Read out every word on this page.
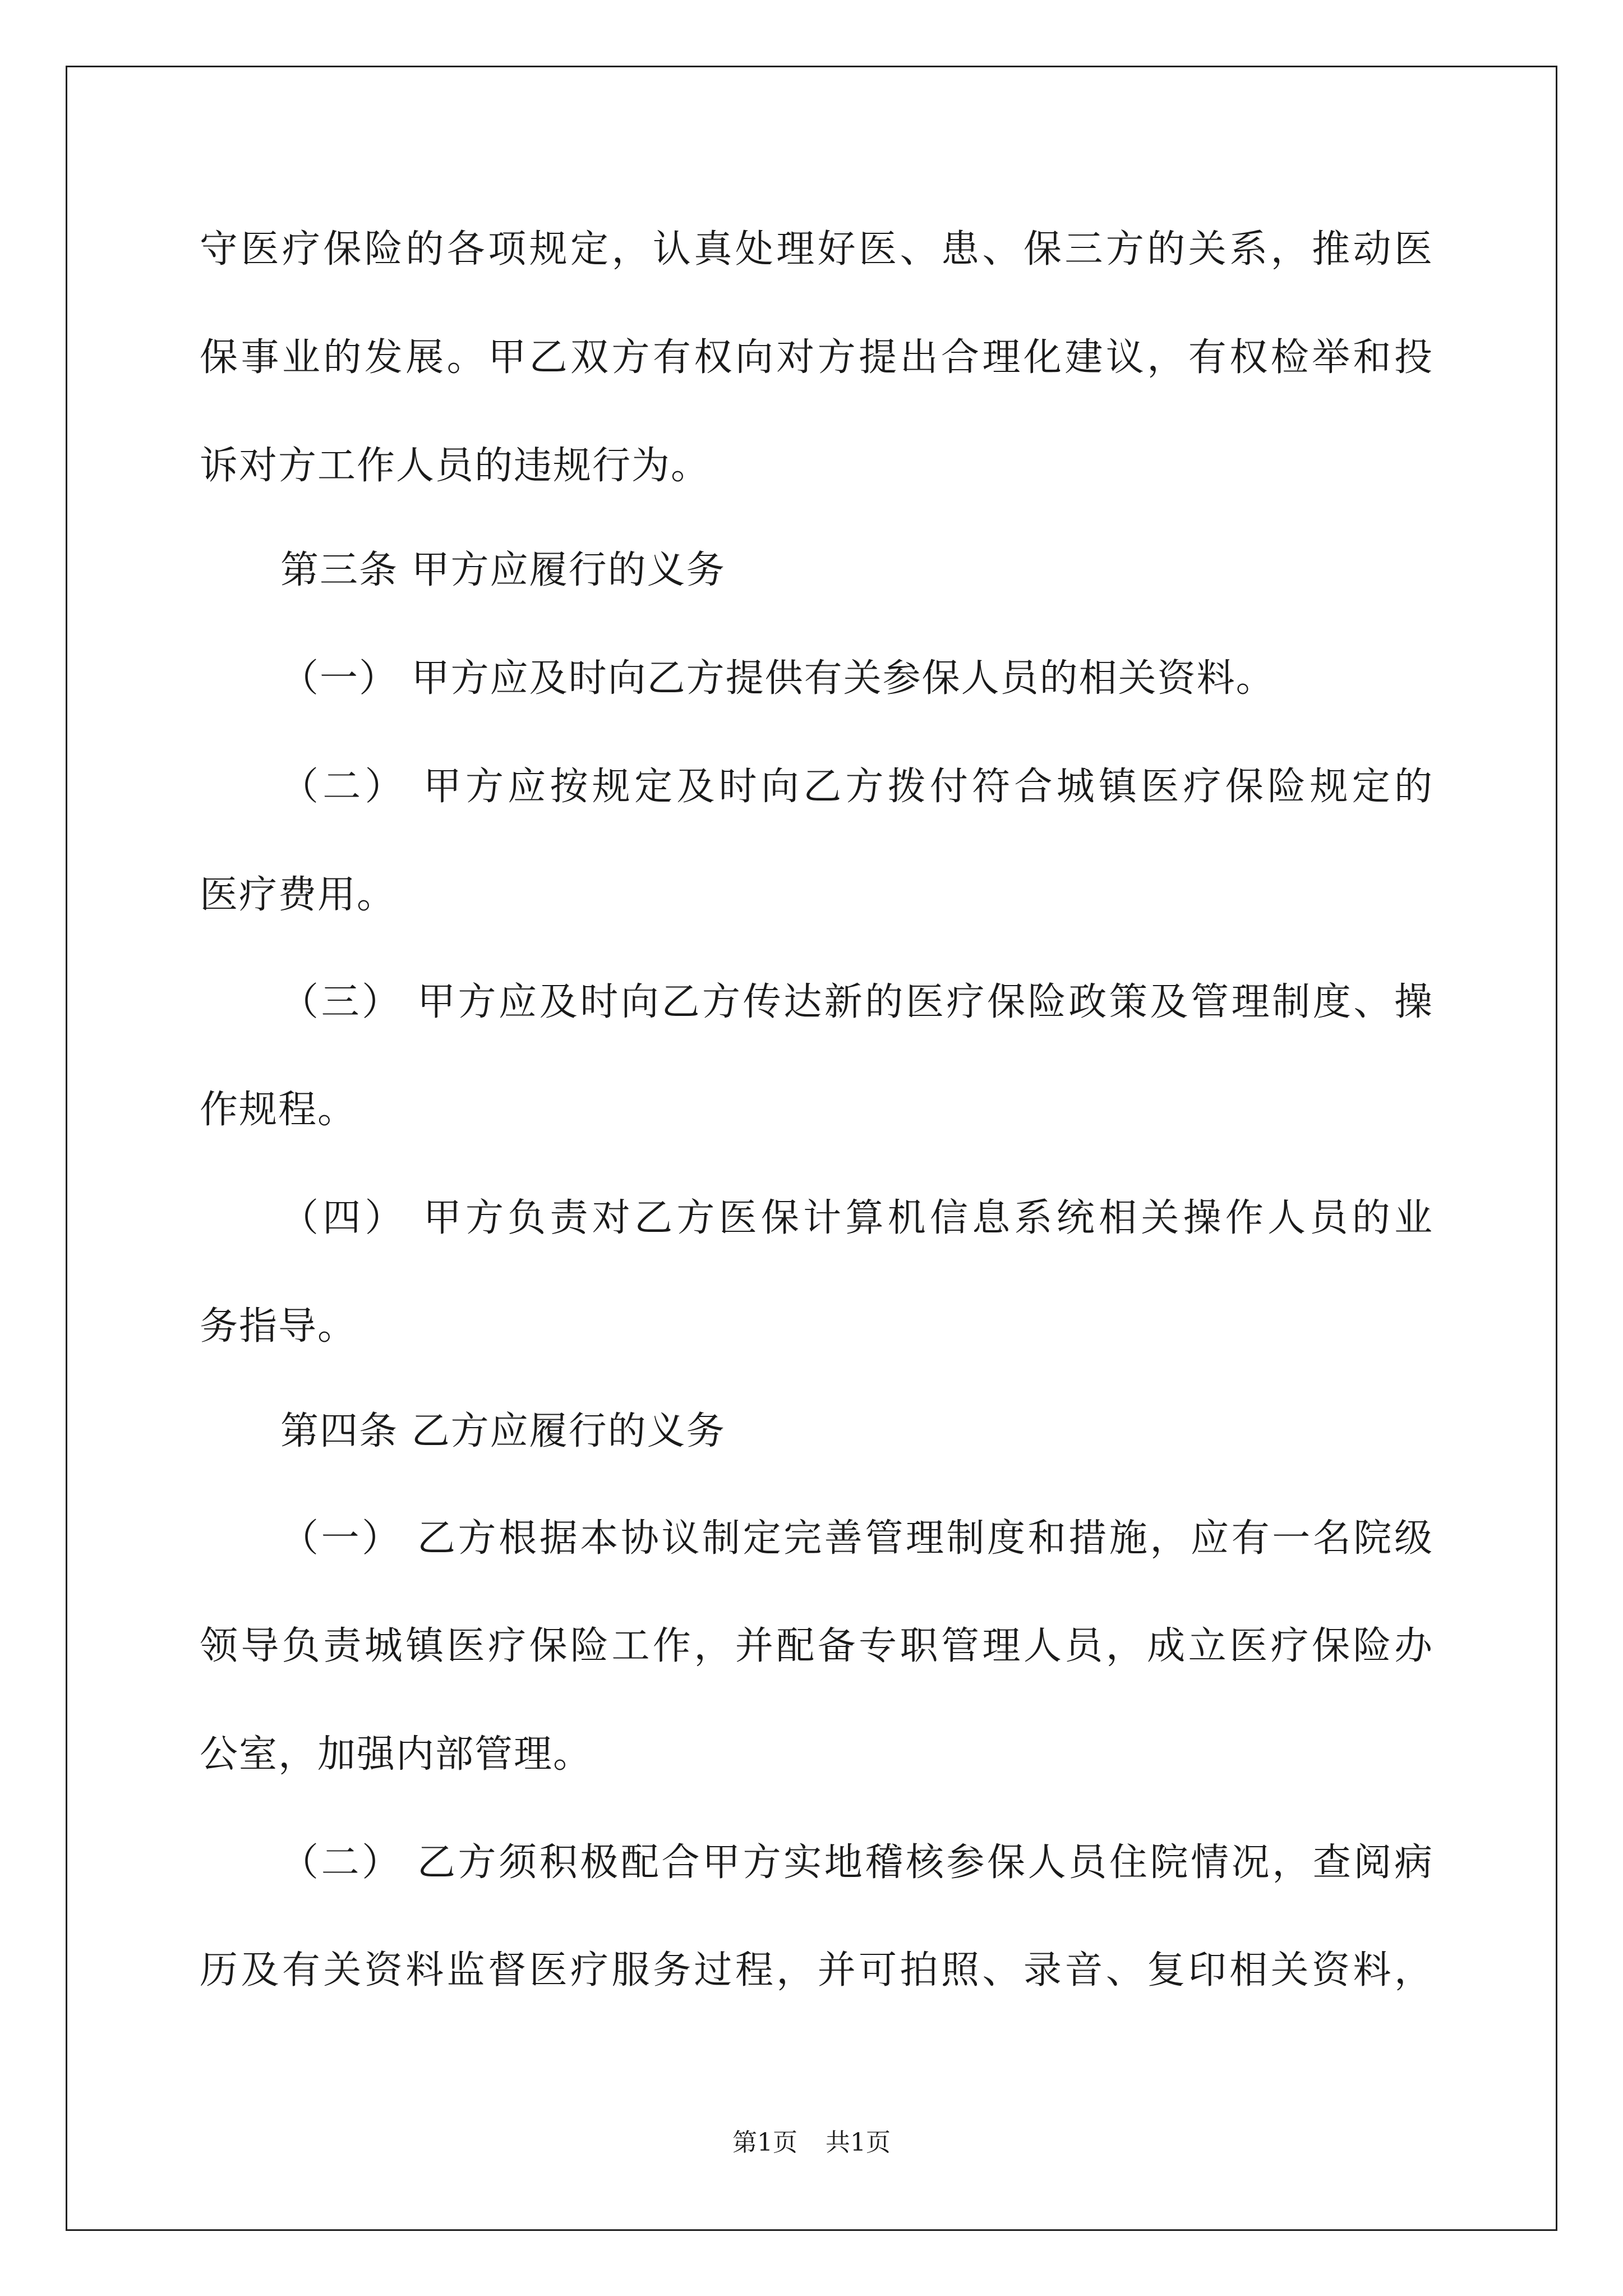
守医疗保险的各项规定，认真处理好医、患、保三方的关系，推动医
保事业的发展。甲乙双方有权向对方提出合理化建议，有权检举和投
诉对方工作人员的违规行为。
第三条 甲方应履行的义务
（一） 甲方应及时向乙方提供有关参保人员的相关资料。
（二） 甲方应按规定及时向乙方拨付符合城镇医疗保险规定的
医疗费用。
（三） 甲方应及时向乙方传达新的医疗保险政策及管理制度、操
作规程。
（四） 甲方负责对乙方医保计算机信息系统相关操作人员的业
务指导。
第四条 乙方应履行的义务
（一） 乙方根据本协议制定完善管理制度和措施，应有一名院级
领导负责城镇医疗保险工作，并配备专职管理人员，成立医疗保险办
公室，加强内部管理。
（二） 乙方须积极配合甲方实地稽核参保人员住院情况，查阅病
历及有关资料监督医疗服务过程，并可拍照、录音、复印相关资料，
第1页 共1页
